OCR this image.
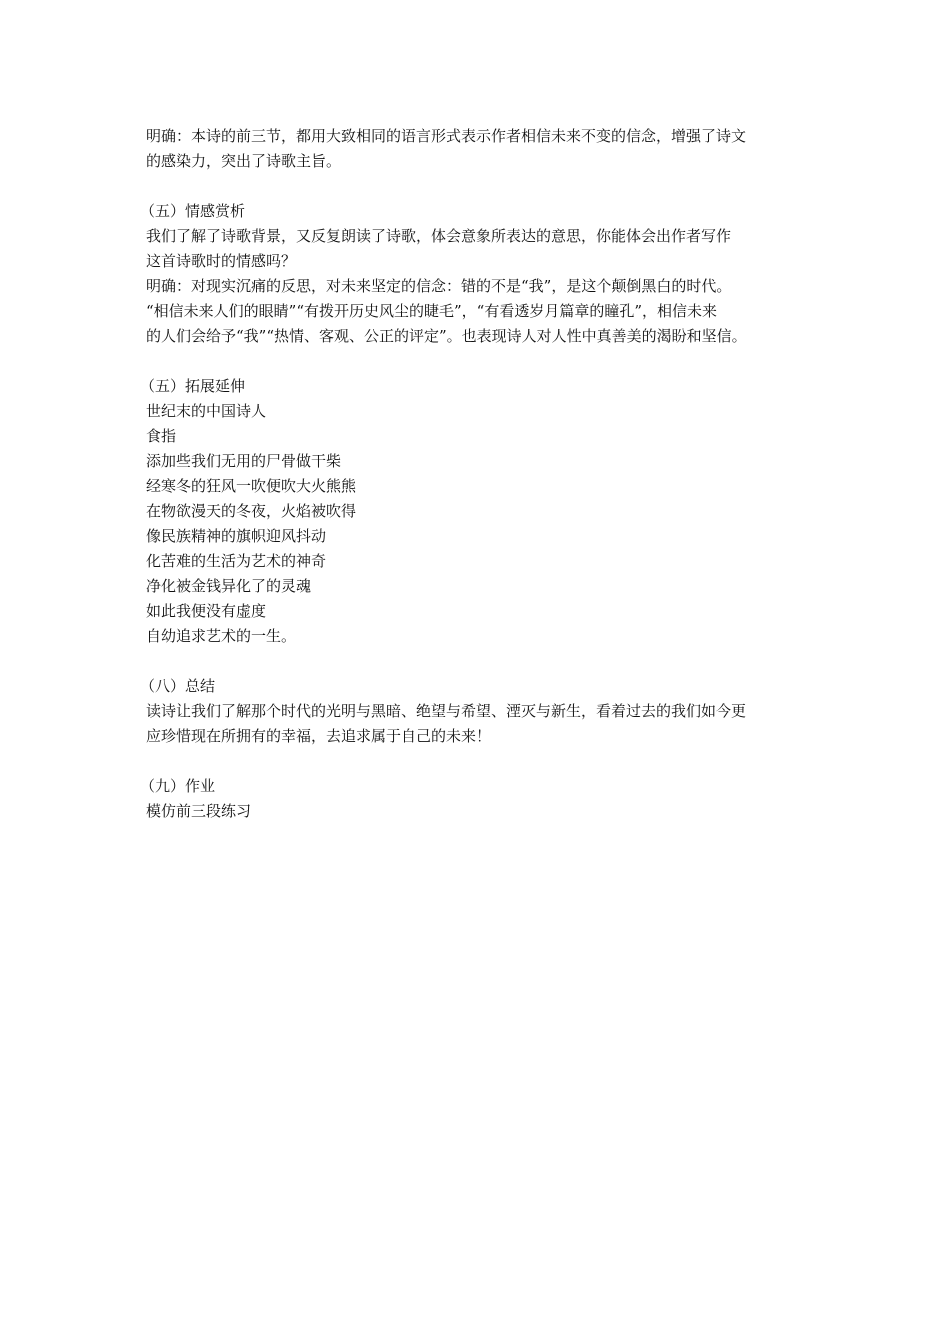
明确：本诗的前三节，都用大致相同的语言形式表示作者相信未来不变的信念，增强了诗文
的感染力，突出了诗歌主旨。
（五）情感赏析
我们了解了诗歌背景，又反复朗读了诗歌，体会意象所表达的意思，你能体会出作者写作
这首诗歌时的情感吗？
明确：对现实沉痛的反思，对未来坚定的信念：错的不是“我”，是这个颠倒黑白的时代。
“相信未来人们的眼睛”“有拨开历史风尘的睫毛”，“有看透岁月篇章的瞳孔”，相信未来
的人们会给予“我”“热情、客观、公正的评定”。也表现诗人对人性中真善美的渴盼和坚信。
（五）拓展延伸
世纪末的中国诗人
食指
添加些我们无用的尸骨做干柴
经寒冬的狂风一吹便吹大火熊熊
在物欲漫天的冬夜，火焰被吹得
像民族精神的旗帜迎风抖动
化苦难的生活为艺术的神奇
净化被金钱异化了的灵魂
如此我便没有虚度
自幼追求艺术的一生。
（八）总结
读诗让我们了解那个时代的光明与黑暗、绝望与希望、湮灭与新生，看着过去的我们如今更
应珍惜现在所拥有的幸福，去追求属于自己的未来！
（九）作业
模仿前三段练习
